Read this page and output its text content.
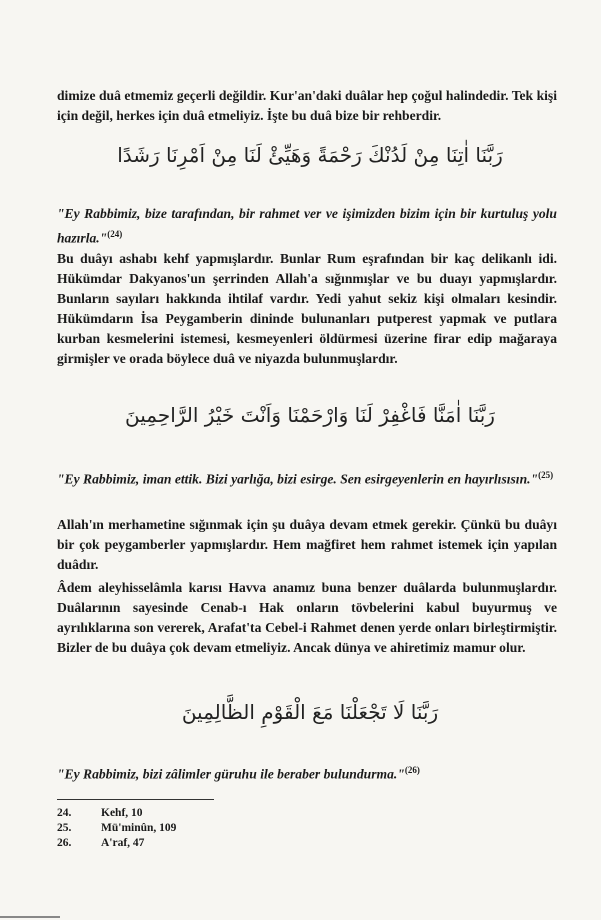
dimize duâ etmemiz geçerli değildir. Kur'an'daki duâlar hep çoğul halindedir. Tek kişi için değil, herkes için duâ etmeliyiz. İşte bu duâ bize bir rehberdir.
رَبَّنَا اٰتِنَا مِنْ لَدُنْكَ رَحْمَةً وَهَيِّئْ لَنَا مِنْ اَمْرِنَا رَشَدًا
"Ey Rabbimiz, bize tarafından, bir rahmet ver ve işimizden bizim için bir kurtuluş yolu hazırla."$^{(24)}$
Bu duâyı ashabı kehf yapmışlardır. Bunlar Rum eşrafından bir kaç delikanlı idi. Hükümdar Dakyanos'un şerrinden Allah'a sığınmışlar ve bu duayı yapmışlardır. Bunların sayıları hakkında ihtilaf vardır. Yedi yahut sekiz kişi olmaları kesindir. Hükümdarın İsa Peygamberin dininde bulunanları putperest yapmak ve putlara kurban kesmelerini istemesi, kesmeyenleri öldürmesi üzerine firar edip mağaraya girmişler ve orada böylece duâ ve niyazda bulunmuşlardır.
رَبَّنَا اٰمَنَّا فَاغْفِرْ لَنَا وَارْحَمْنَا وَاَنْتَ خَيْرُ الرَّاحِمِينَ
"Ey Rabbimiz, iman ettik. Bizi yarlığa, bizi esirge. Sen esirgeyenlerin en hayırlısısın."$^{(25)}$
Allah'ın merhametine sığınmak için şu duâya devam etmek gerekir. Çünkü bu duâyı bir çok peygamberler yapmışlardır. Hem mağfiret hem rahmet istemek için yapılan duâdır.
Âdem aleyhisselâmla karısı Havva anamız buna benzer duâlarda bulunmuşlardır. Duâlarının sayesinde Cenab-ı Hak onların tövbelerini kabul buyurmuş ve ayrılıklarına son vererek, Arafat'ta Cebel-i Rahmet denen yerde onları birleştirmiştir. Bizler de bu duâya çok devam etmeliyiz. Ancak dünya ve ahiretimiz mamur olur.
رَبَّنَا لَا تَجْعَلْنَا مَعَ الْقَوْمِ الظَّالِمِينَ
"Ey Rabbimiz, bizi zâlimler güruhu ile beraber bulundurma."$^{(26)}$
24.	Kehf, 10
25.	Mü'minûn, 109
26.	A'raf, 47
